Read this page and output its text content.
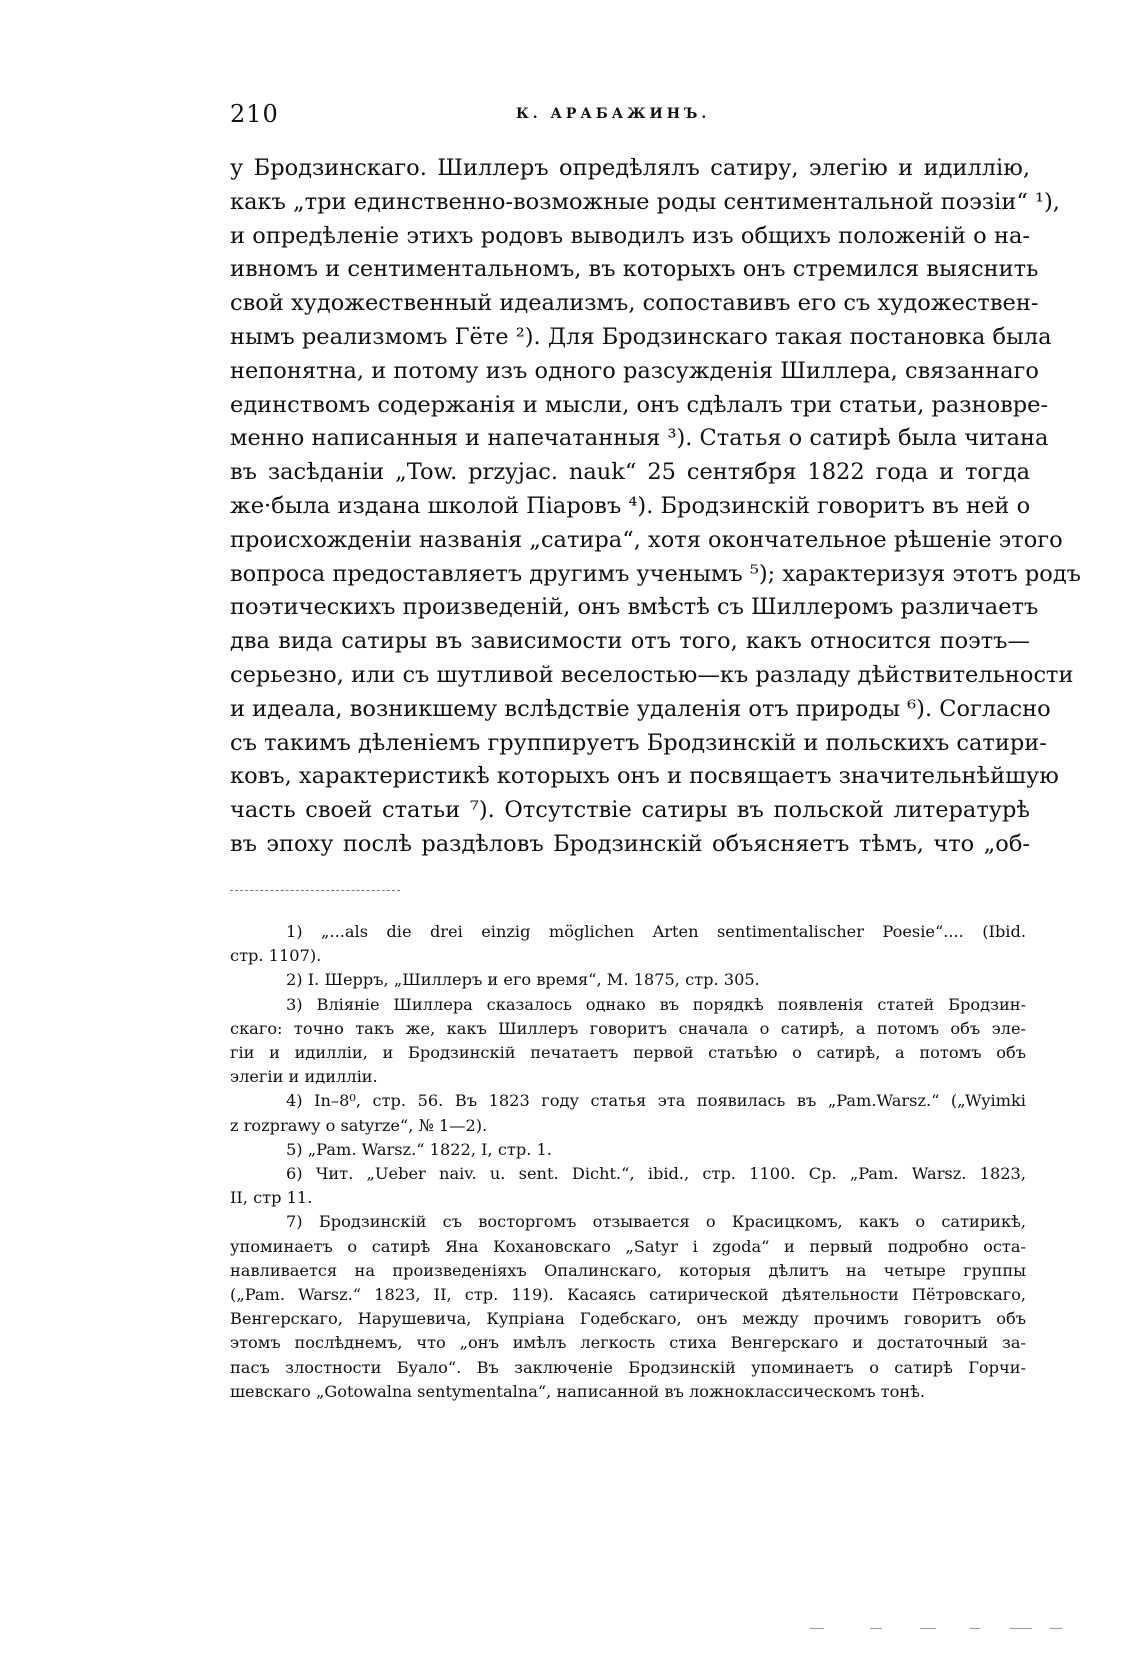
210	К. АРАБАЖИНЪ.
у Бродзинскаго. Шиллеръ опредѣлялъ сатиру, элегію и идиллію,
какъ „три единственно-возможные роды сентиментальной поэзіи“ ¹),
и опредѣленіе этихъ родовъ выводилъ изъ общихъ положеній о на-
ивномъ и сентиментальномъ, въ которыхъ онъ стремился выяснить
свой художественный идеализмъ, сопоставивъ его съ художествен-
нымъ реализмомъ Гёте ²). Для Бродзинскаго такая постановка была
непонятна, и потому изъ одного разсужденія Шиллера, связаннаго
единствомъ содержанія и мысли, онъ сдѣлалъ три статьи, разновре-
менно написанныя и напечатанныя ³). Статья о сатирѣ была читана
въ засѣданіи „Tow. przyjac. nauk“ 25 сентября 1822 года и тогда
же·была издана школой Піаровъ ⁴). Бродзинскій говоритъ въ ней о
происхожденіи названія „сатира“, хотя окончательное рѣшеніе этого
вопроса предоставляетъ другимъ ученымъ ⁵); характеризуя этотъ родъ
поэтическихъ произведеній, онъ вмѣстѣ съ Шиллеромъ различаетъ
два вида сатиры въ зависимости отъ того, какъ относится поэтъ—
серьезно, или съ шутливой веселостью—къ разладу дѣйствительности
и идеала, возникшему вслѣдствіе удаленія отъ природы ⁶). Согласно
съ такимъ дѣленіемъ группируетъ Бродзинскій и польскихъ сатири-
ковъ, характеристикѣ которыхъ онъ и посвящаетъ значительнѣйшую
часть своей статьи ⁷). Отсутствіе сатиры въ польской литературѣ
въ эпоху послѣ раздѣловъ Бродзинскій объясняетъ тѣмъ, что „об-
1) „...als die drei einzig möglichen Arten sentimentalischer Poesie“.... (Ibid.
стр. 1107).
2) I. Шерръ, „Шиллеръ и его время“, М. 1875, стр. 305.
3) Вліяніе Шиллера сказалось однако въ порядкѣ появленія статей Бродзин-
скаго: точно такъ же, какъ Шиллеръ говоритъ сначала о сатирѣ, а потомъ объ эле-
гіи и идилліи, и Бродзинскій печатаетъ первой статьѣю о сатирѣ, а потомъ объ
элегіи и идилліи.
4) In–8⁰, стр. 56. Въ 1823 году статья эта появилась въ „Pam.Warsz.“ („Wyimki
z rozprawy o satyrze“, № 1—2).
5) „Pam. Warsz.“ 1822, I, стр. 1.
6) Чит. „Ueber naiv. u. sent. Dicht.“, ibid., стр. 1100. Ср. „Pam. Warsz. 1823,
II, стр 11.
7) Бродзинскій съ восторгомъ отзывается о Красицкомъ, какъ о сатирикѣ,
упоминаетъ о сатирѣ Яна Кохановскаго „Satyr i zgoda“ и первый подробно оста-
навливается на произведеніяхъ Опалинскаго, которыя дѣлитъ на четыре группы
(„Pam. Warsz.“ 1823, II, стр. 119). Касаясь сатирической дѣятельности Пётровскаго,
Венгерскаго, Нарушевича, Купріана Годебскаго, онъ между прочимъ говоритъ объ
этомъ послѣднемъ, что „онъ имѣлъ легкость стиха Венгерскаго и достаточный за-
пасъ злостности Буало“. Въ заключеніе Бродзинскій упоминаетъ о сатирѣ Горчи-
шевскаго „Gotowalna sentymentalna“, написанной въ ложноклассическомъ тонѣ.
